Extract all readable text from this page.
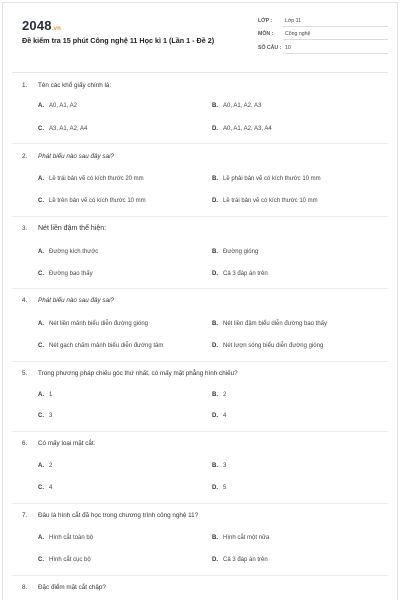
2048.vn
Đề kiểm tra 15 phút Công nghệ 11 Học kì 1 (Lần 1 - Đề 2)
LỚP : Lớp 11
MÔN : Công nghệ
SỐ CÂU : 10
1. Tên các khổ giấy chính là:
A. A0, A1, A2	B. A0, A1, A2, A3
C. A3, A1, A2, A4	D. A0, A1, A2, A3, A4
2. Phát biểu nào sau đây sai?
A. Lề trái bản vẽ có kích thước 20 mm	B. Lề phải bản vẽ có kích thước 10 mm
C. Lề trên bản vẽ có kích thước 10 mm	D. Lề trái bản vẽ có kích thước 10 mm
3. Nét liền đậm thể hiện:
A. Đường kích thước	B. Đường gióng
C. Đường bao thấy	D. Cả 3 đáp án trên
4. Phát biểu nào sau đây sai?
A. Nét liền mảnh biểu diễn đường gióng	B. Nét liền đậm biểu diễn đường bao thấy
C. Nét gạch chấm mảnh biểu diễn đường tâm	D. Nét lượn sóng biểu diễn đường gióng
5. Trong phương pháp chiếu góc thứ nhất, có mấy mặt phẳng hình chiếu?
A. 1	B. 2
C. 3	D. 4
6. Có mấy loại mặt cắt:
A. 2	B. 3
C. 4	D. 5
7. Đâu là hình cắt đã học trong chương trình công nghệ 11?
A. Hình cắt toàn bộ	B. Hình cắt một nửa
C. Hình cắt cục bộ	D. Cả 3 đáp án trên
8. Đặc điểm mặt cắt chập?
